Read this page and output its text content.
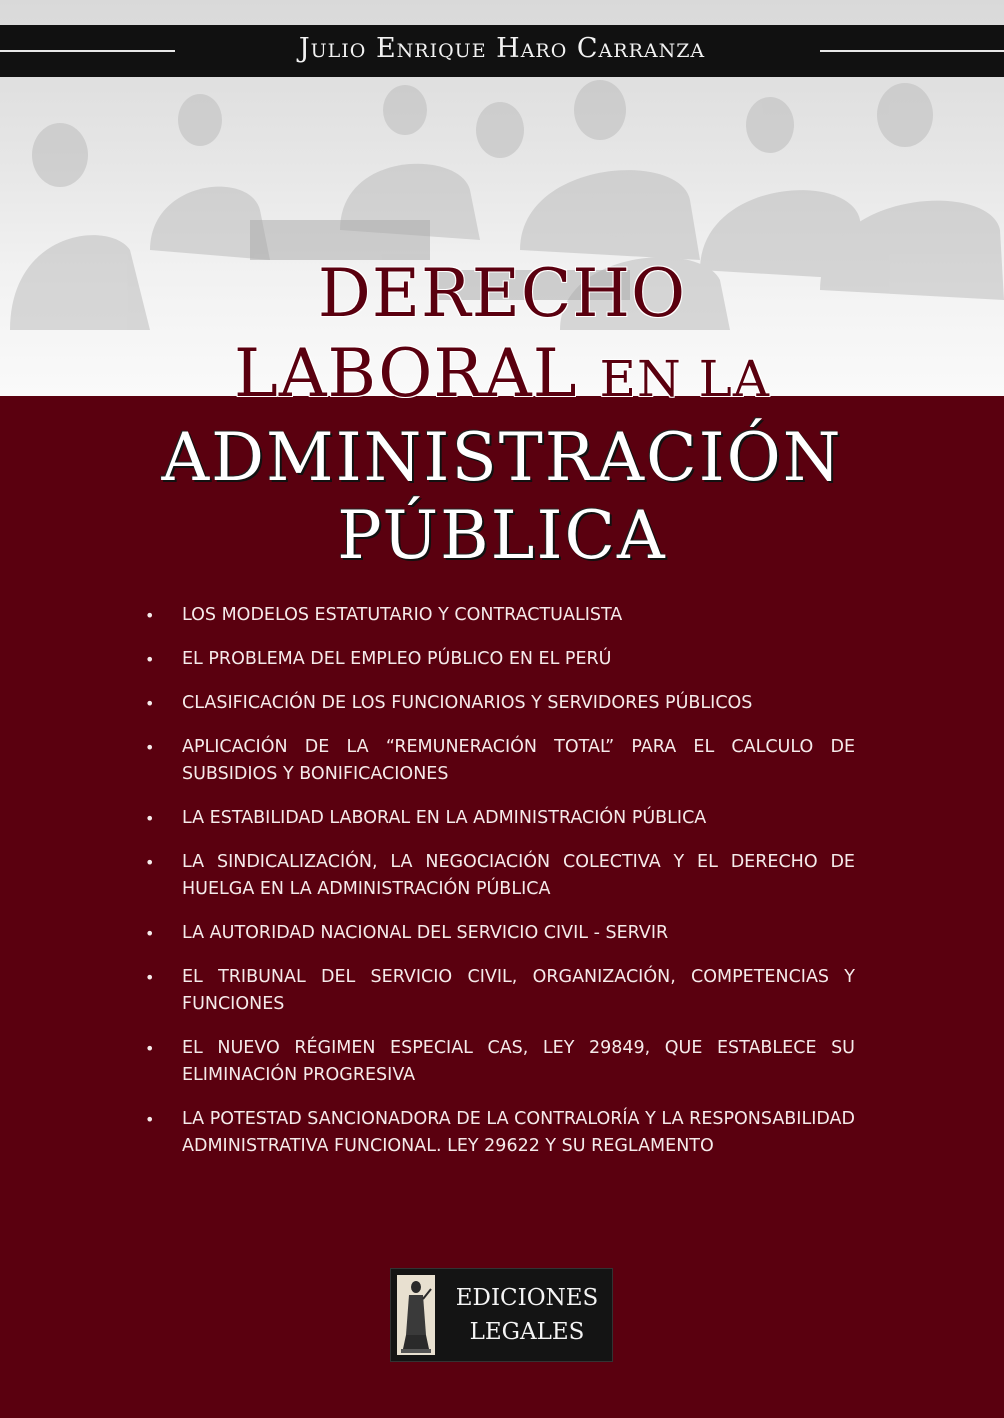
Julio Enrique Haro Carranza
DERECHO
LABORAL EN LA
ADMINISTRACIÓN
PÚBLICA
• LOS MODELOS ESTATUTARIO Y CONTRACTUALISTA
• EL PROBLEMA DEL EMPLEO PÚBLICO EN EL PERÚ
• CLASIFICACIÓN DE LOS FUNCIONARIOS Y SERVIDORES PÚBLICOS
• APLICACIÓN DE LA “REMUNERACIÓN TOTAL” PARA EL CALCULO DE SUBSIDIOS Y BONIFICACIONES
• LA ESTABILIDAD LABORAL EN LA ADMINISTRACIÓN PÚBLICA
• LA SINDICALIZACIÓN, LA NEGOCIACIÓN COLECTIVA Y EL DERECHO DE HUELGA EN LA ADMINISTRACIÓN PÚBLICA
• LA AUTORIDAD NACIONAL DEL SERVICIO CIVIL - SERVIR
• EL TRIBUNAL DEL SERVICIO CIVIL, ORGANIZACIÓN, COMPETENCIAS Y FUNCIONES
• EL NUEVO RÉGIMEN ESPECIAL CAS, LEY 29849, QUE ESTABLECE SU ELIMINACIÓN PROGRESIVA
• LA POTESTAD SANCIONADORA DE LA CONTRALORÍA Y LA RESPONSABILIDAD ADMINISTRATIVA FUNCIONAL. LEY 29622 Y SU REGLAMENTO
EDICIONES
LEGALES
